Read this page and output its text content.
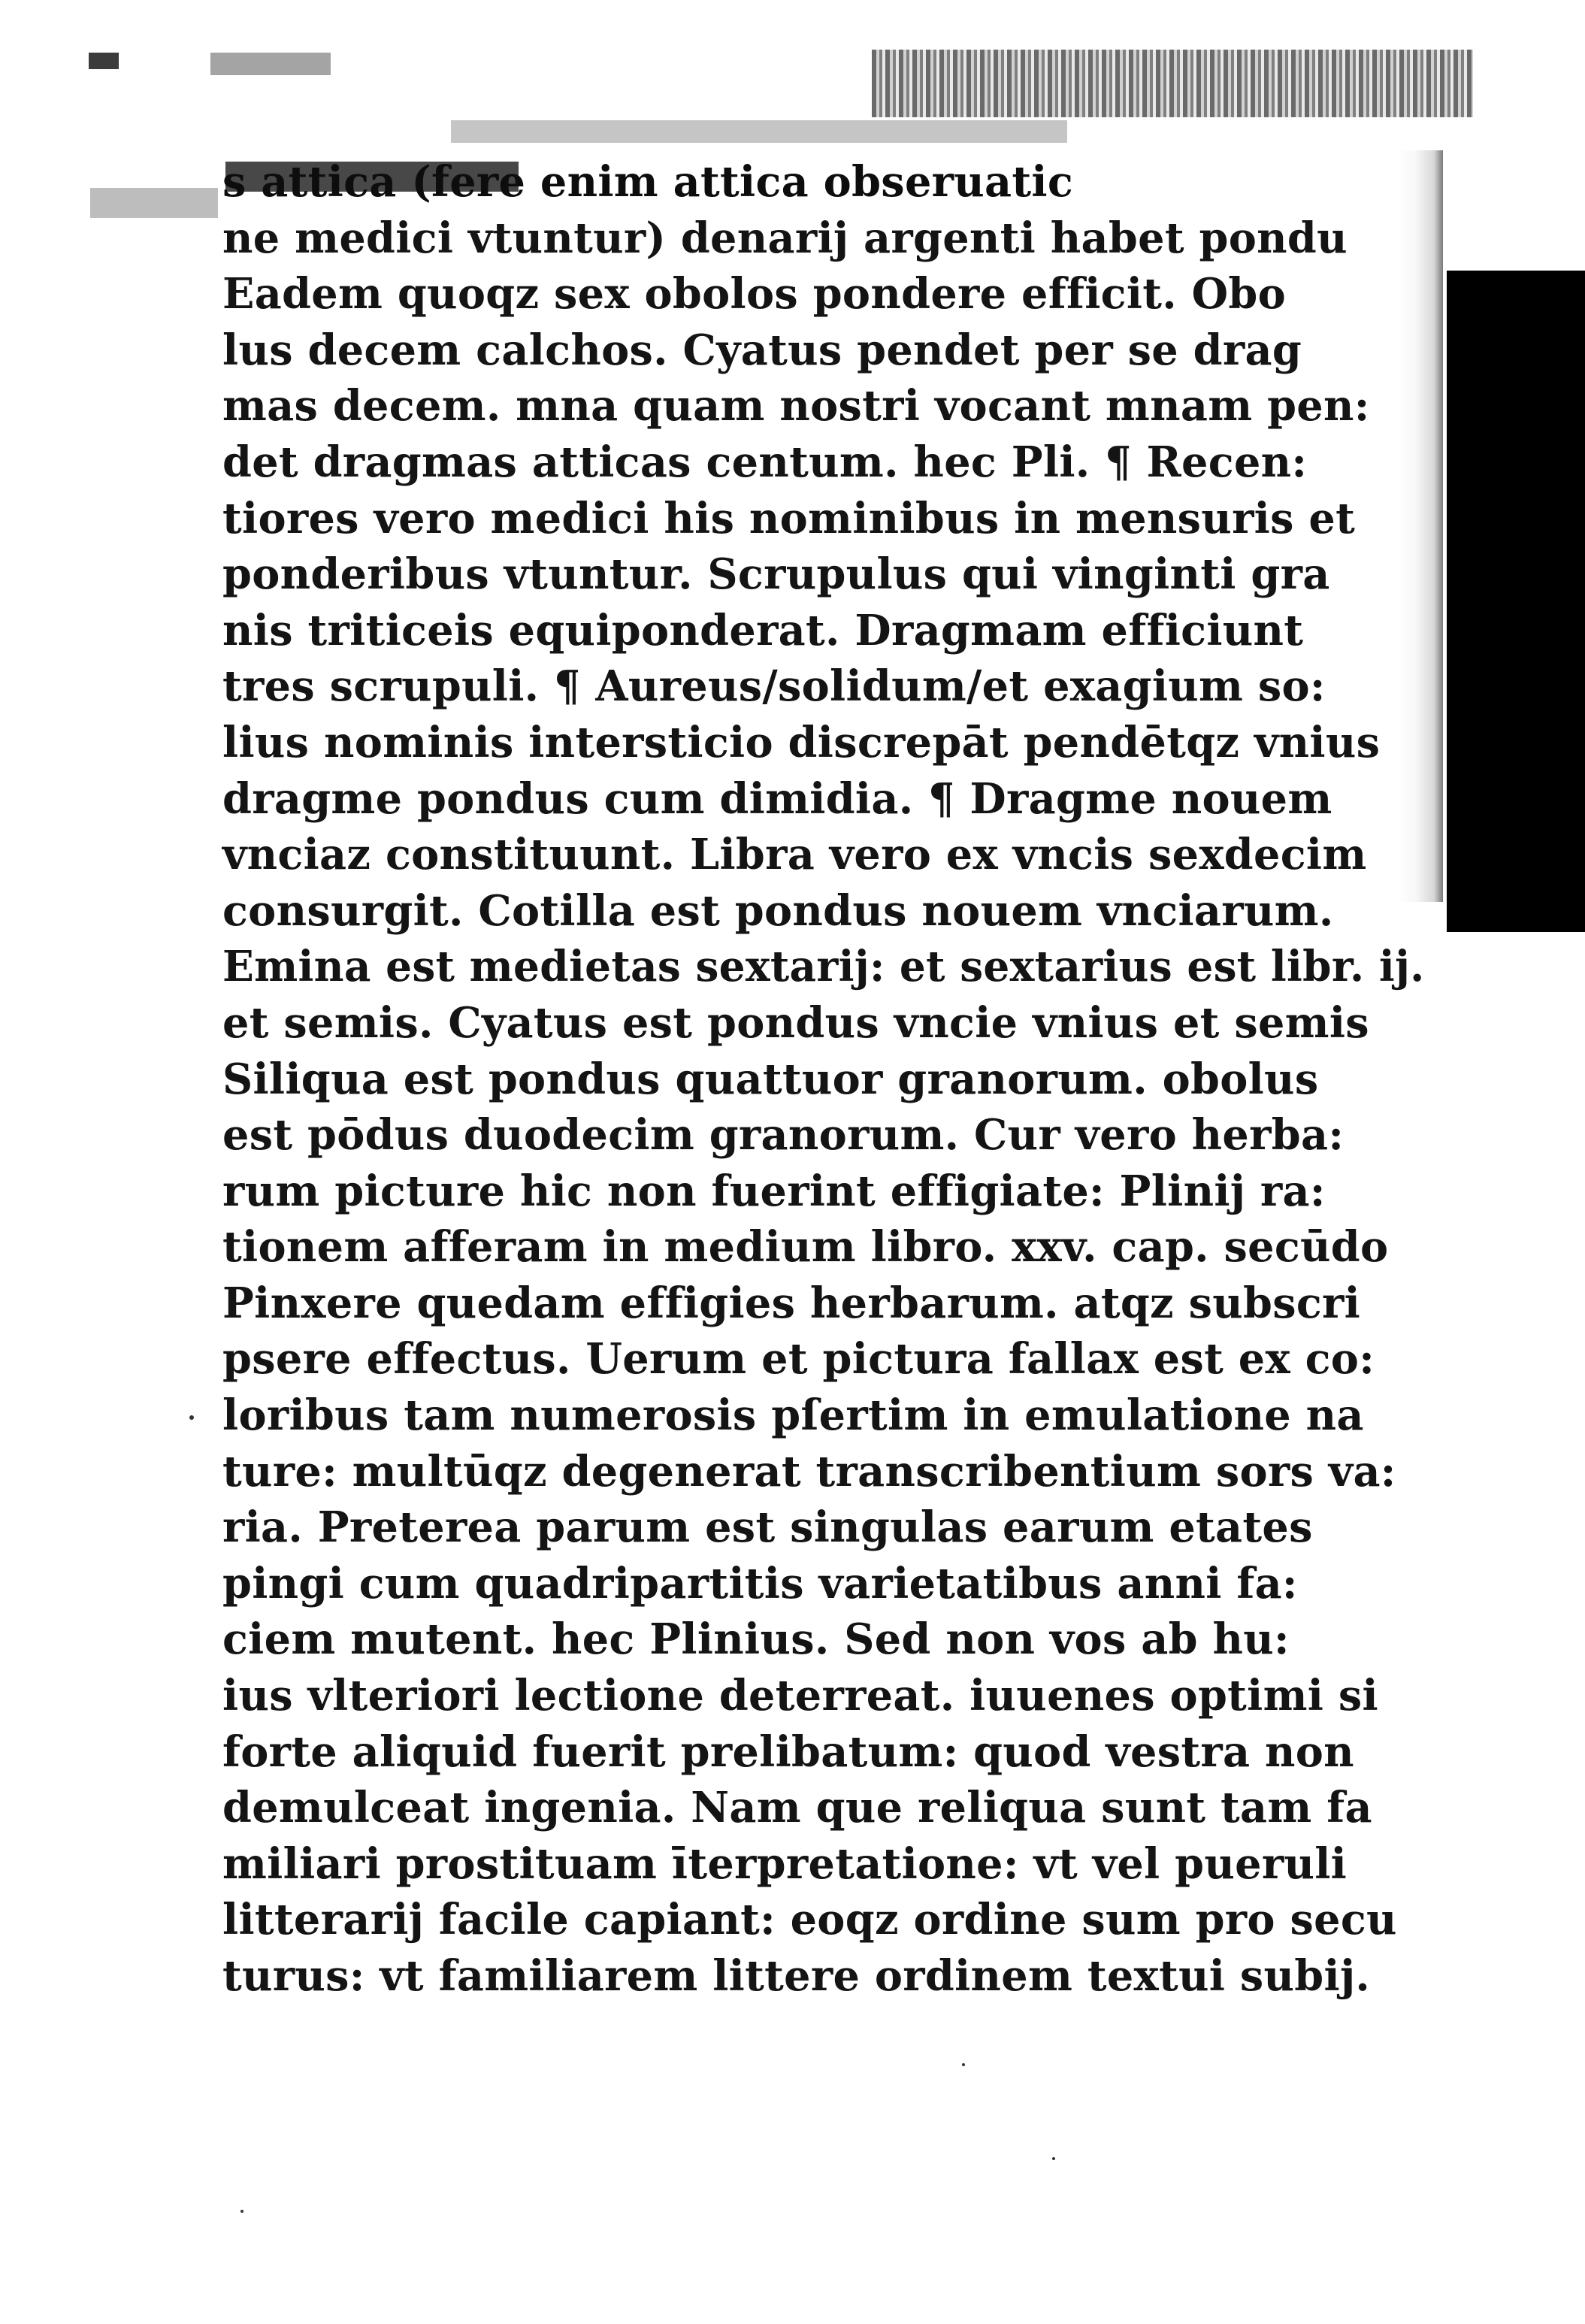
s attica (fere enim attica obseruatic
ne medici vtuntur) denarij argenti habet pondu
Eadem quoqz sex obolos pondere efficit. Obo
lus decem calchos. Cyatus pendet per se drag
mas decem. mna quam nostri vocant mnam pen:
det dragmas atticas centum. hec Pli. ¶ Recen:
tiores vero medici his nominibus in mensuris et
ponderibus vtuntur. Scrupulus qui vinginti gra
nis triticeis equiponderat. Dragmam efficiunt
tres scrupuli. ¶ Aureus/solidum/et exagium so:
lius nominis intersticio discrepāt pendētqz vnius
dragme pondus cum dimidia. ¶ Dragme nouem
vnciaz constituunt. Libra vero ex vncis sexdecim
consurgit. Cotilla est pondus nouem vnciarum.
Emina est medietas sextarij: et sextarius est libr. ij.
et semis. Cyatus est pondus vncie vnius et semis
Siliqua est pondus quattuor granorum. obolus
est pōdus duodecim granorum. Cur vero herba:
rum picture hic non fuerint effigiate: Plinij ra:
tionem afferam in medium libro. xxv. cap. secūdo
Pinxere quedam effigies herbarum. atqz subscri
psere effectus. Uerum et pictura fallax est ex co:
loribus tam numerosis pſertim in emulatione na
ture: multūqz degenerat transcribentium sors va:
ria. Preterea parum est singulas earum etates
pingi cum quadripartitis varietatibus anni fa:
ciem mutent. hec Plinius. Sed non vos ab hu:
ius vlteriori lectione deterreat. iuuenes optimi si
forte aliquid fuerit prelibatum: quod vestra non
demulceat ingenia. Nam que reliqua sunt tam fa
miliari prostituam īterpretatione: vt vel pueruli
litterarij facile capiant: eoqz ordine sum pro secu
turus: vt familiarem littere ordinem textui subij.
